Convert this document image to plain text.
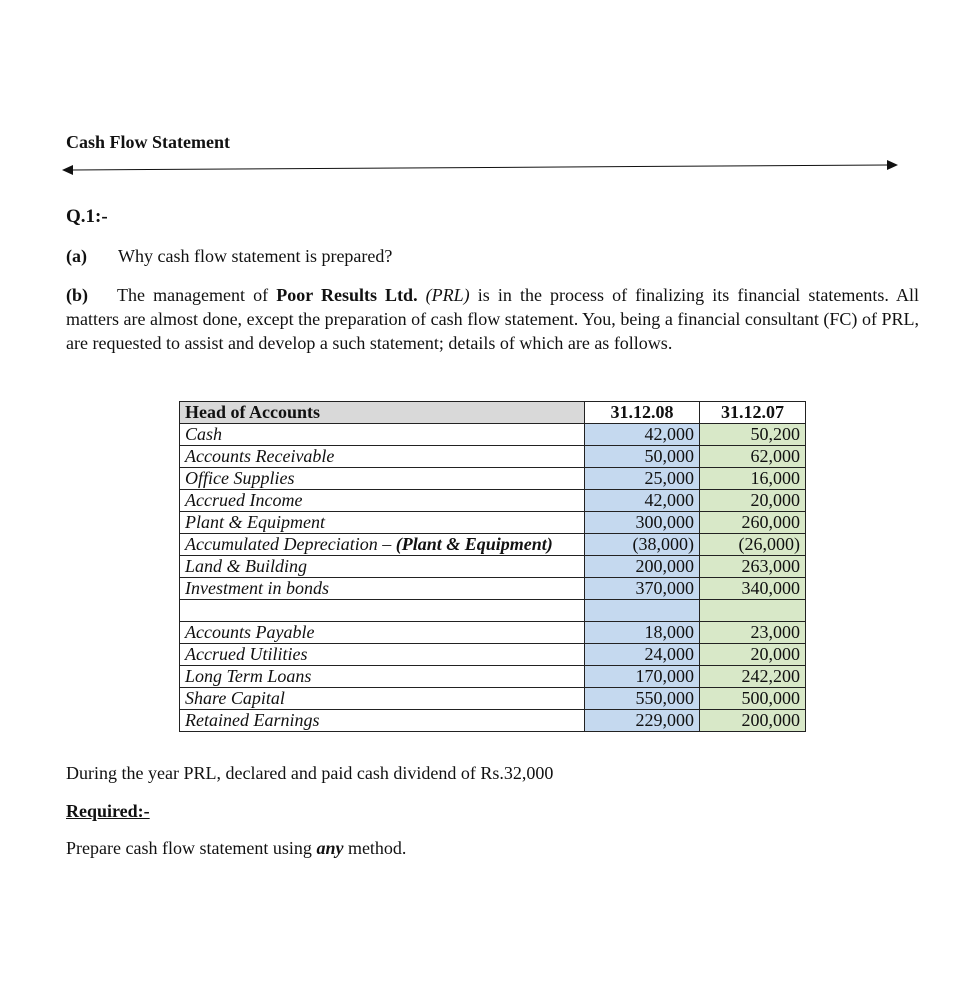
Cash Flow Statement
Q.1:-
(a) Why cash flow statement is prepared?
(b) The management of Poor Results Ltd. (PRL) is in the process of finalizing its financial statements. All matters are almost done, except the preparation of cash flow statement. You, being a financial consultant (FC) of PRL, are requested to assist and develop a such statement; details of which are as follows.
Head of Accounts	31.12.08	31.12.07
Cash	42,000	50,200
Accounts Receivable	50,000	62,000
Office Supplies	25,000	16,000
Accrued Income	42,000	20,000
Plant & Equipment	300,000	260,000
Accumulated Depreciation – (Plant & Equipment)	(38,000)	(26,000)
Land & Building	200,000	263,000
Investment in bonds	370,000	340,000

Accounts Payable	18,000	23,000
Accrued Utilities	24,000	20,000
Long Term Loans	170,000	242,200
Share Capital	550,000	500,000
Retained Earnings	229,000	200,000
During the year PRL, declared and paid cash dividend of Rs.32,000
Required:-
Prepare cash flow statement using any method.
